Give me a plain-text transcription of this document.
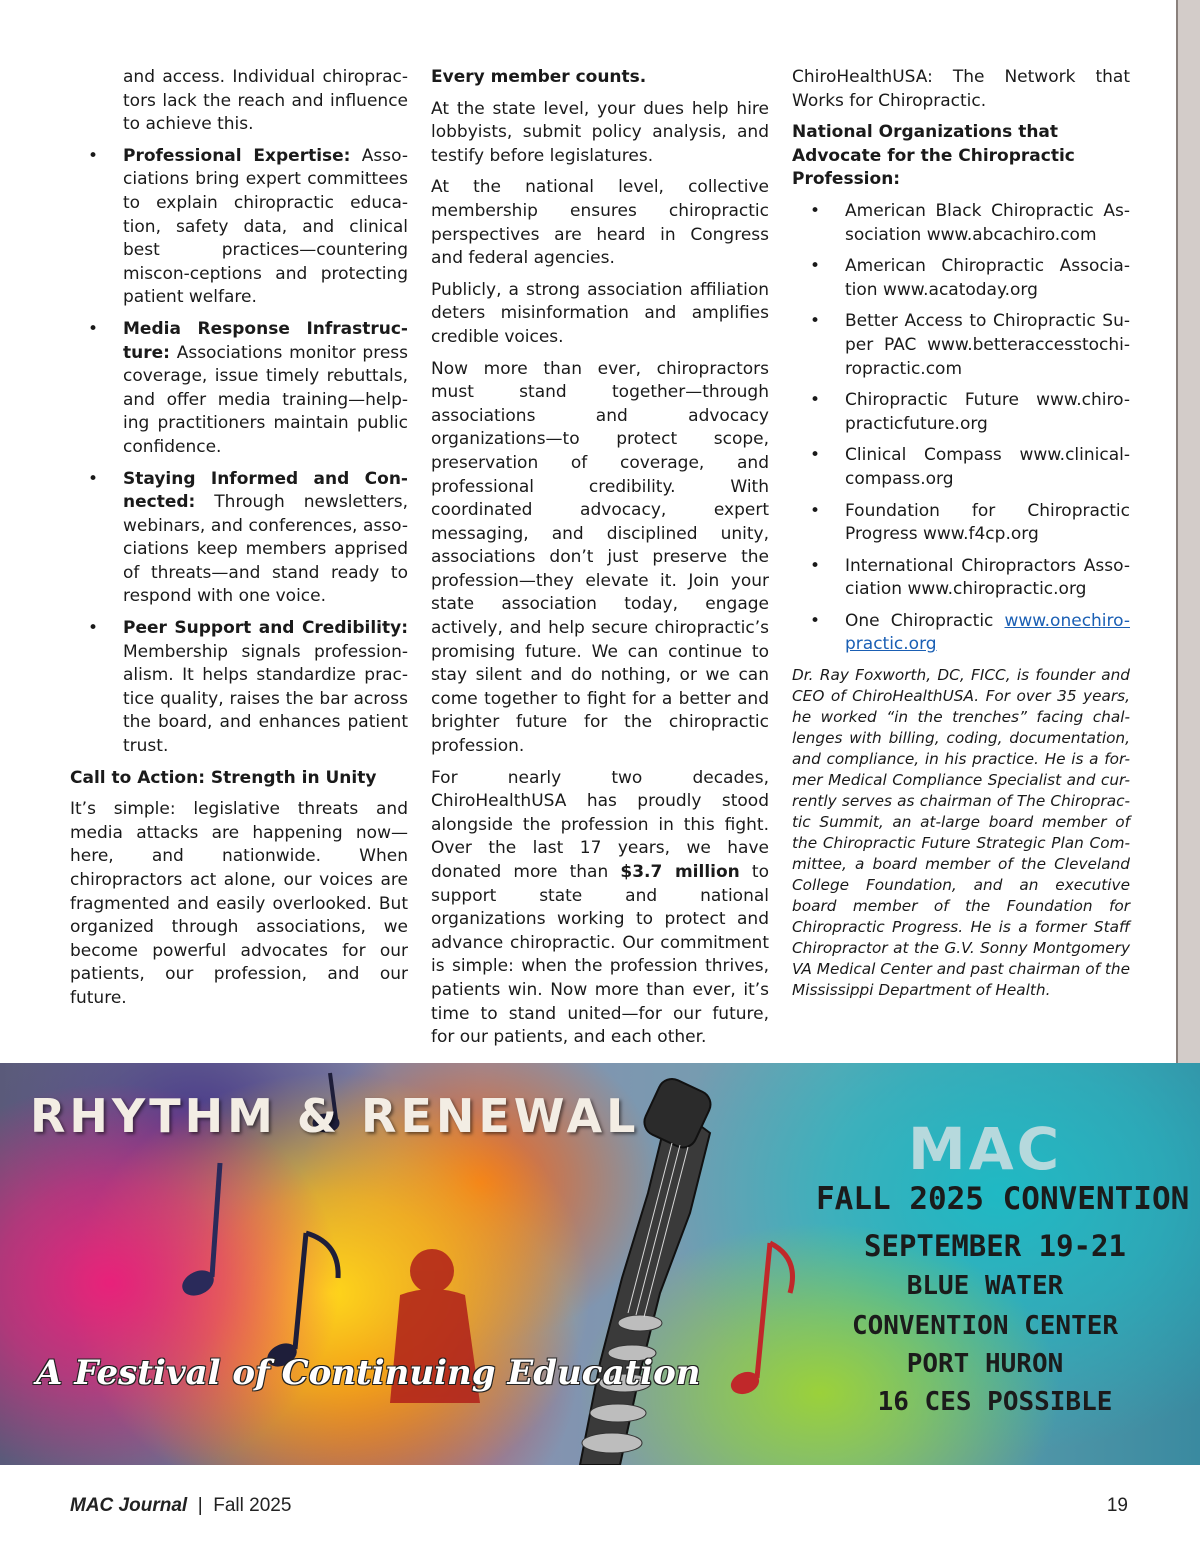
and access. Individual chiroprac-tors lack the reach and influence to achieve this.

• Professional Expertise: Asso-ciations bring expert committees to explain chiropractic educa-tion, safety data, and clinical best practices—countering miscon-ceptions and protecting patient welfare.
• Media Response Infrastruc-ture: Associations monitor press coverage, issue timely rebuttals, and offer media training—help-ing practitioners maintain public confidence.
• Staying Informed and Con-nected: Through newsletters, webinars, and conferences, asso-ciations keep members apprised of threats—and stand ready to respond with one voice.
• Peer Support and Credibility: Membership signals profession-alism. It helps standardize prac-tice quality, raises the bar across the board, and enhances patient trust.

Call to Action: Strength in Unity

It’s simple: legislative threats and media attacks are happening now—here, and nationwide. When chiropractors act alone, our voices are fragmented and easily overlooked. But organized through associations, we become powerful advocates for our patients, our profession, and our future.

Every member counts.

At the state level, your dues help hire lobbyists, submit policy analysis, and testify before legislatures.

At the national level, collective membership ensures chiropractic perspectives are heard in Congress and federal agencies.

Publicly, a strong association affiliation deters misinformation and amplifies credible voices.

Now more than ever, chiropractors must stand together—through associations and advocacy organizations—to protect scope, preservation of coverage, and professional credibility. With coordinated advocacy, expert messaging, and disciplined unity, associations don’t just preserve the profession—they elevate it. Join your state association today, engage actively, and help secure chiropractic’s promising future. We can continue to stay silent and do nothing, or we can come together to fight for a better and brighter future for the chiropractic profession.

For nearly two decades, ChiroHealthUSA has proudly stood alongside the profession in this fight. Over the last 17 years, we have donated more than $3.7 million to support state and national organizations working to protect and advance chiropractic. Our commitment is simple: when the profession thrives, patients win. Now more than ever, it’s time to stand united—for our future, for our patients, and each other.

ChiroHealthUSA: The Network that Works for Chiropractic.

National Organizations that Advocate for the Chiropractic Profession:

• American Black Chiropractic As-sociation www.abcachiro.com
• American Chiropractic Associa-tion www.acatoday.org
• Better Access to Chiropractic Su-per PAC www.betteraccesstochi-ropractic.com
• Chiropractic Future www.chiro-practicfuture.org
• Clinical Compass www.clinical-compass.org
• Foundation for Chiropractic Progress www.f4cp.org
• International Chiropractors Asso-ciation www.chiropractic.org
• One Chiropractic www.onechiro-practic.org

Dr. Ray Foxworth, DC, FICC, is founder and CEO of ChiroHealthUSA. For over 35 years, he worked “in the trenches” facing chal-lenges with billing, coding, documentation, and compliance, in his practice. He is a for-mer Medical Compliance Specialist and cur-rently serves as chairman of The Chiroprac-tic Summit, an at-large board member of the Chiropractic Future Strategic Plan Com-mittee, a board member of the Cleveland College Foundation, and an executive board member of the Foundation for Chiropractic Progress. He is a former Staff Chiropractor at the G.V. Sonny Montgomery VA Medical Center and past chairman of the Mississippi Department of Health.

RHYTHM & RENEWAL	MAC
FALL 2025 CONVENTION
SEPTEMBER 19-21
BLUE WATER
CONVENTION CENTER
PORT HURON
16 CES POSSIBLE
A Festival of Continuing Education
MAC Journal | Fall 2025	19
